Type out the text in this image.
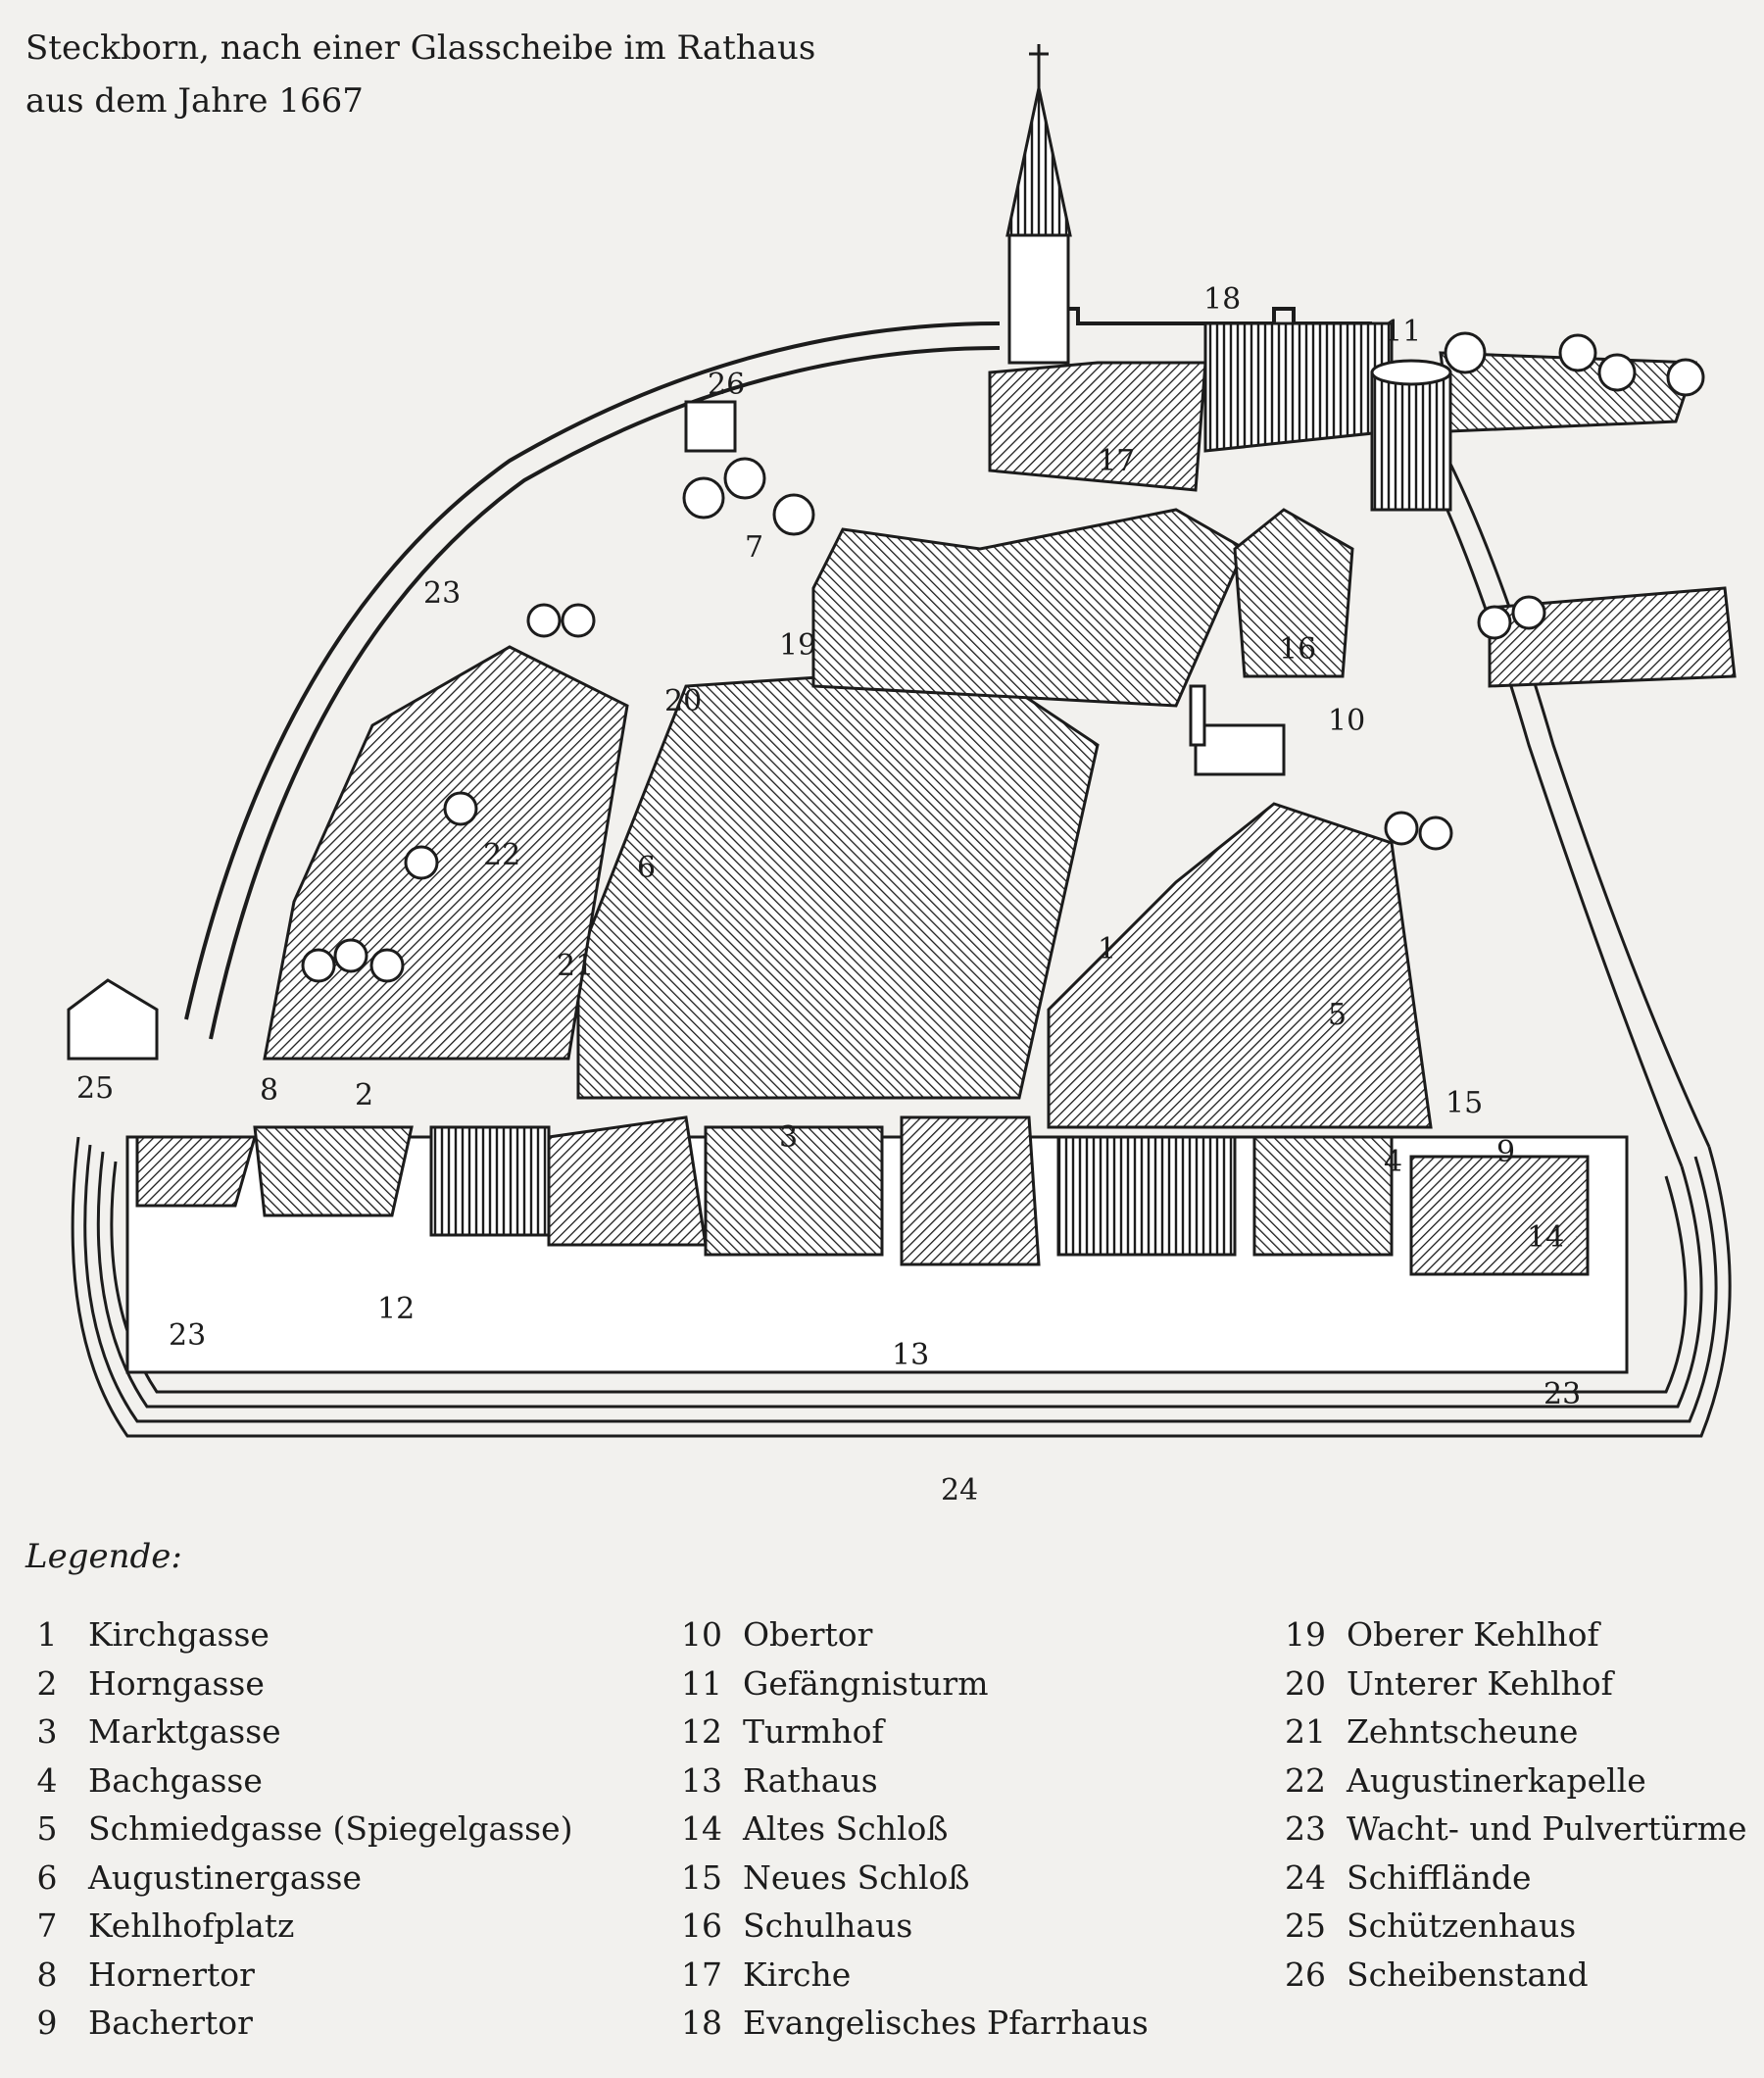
Steckborn, nach einer Glasscheibe im Rathaus
aus dem Jahre 1667
1
2
3
4
5
6
7
8
9
10
11
12
13
14
15
16
17
18
19
20
21
22
23
23
23
24
25
26
Legende:
1 Kirchgasse
2 Horngasse
3 Marktgasse
4 Bachgasse
5 Schmiedgasse (Spiegelgasse)
6 Augustinergasse
7 Kehlhofplatz
8 Hornertor
9 Bachertor
10 Obertor
11 Gefängnisturm
12 Turmhof
13 Rathaus
14 Altes Schloß
15 Neues Schloß
16 Schulhaus
17 Kirche
18 Evangelisches Pfarrhaus
19 Oberer Kehlhof
20 Unterer Kehlhof
21 Zehntscheune
22 Augustinerkapelle
23 Wacht- und Pulvertürme
24 Schifflände
25 Schützenhaus
26 Scheibenstand
